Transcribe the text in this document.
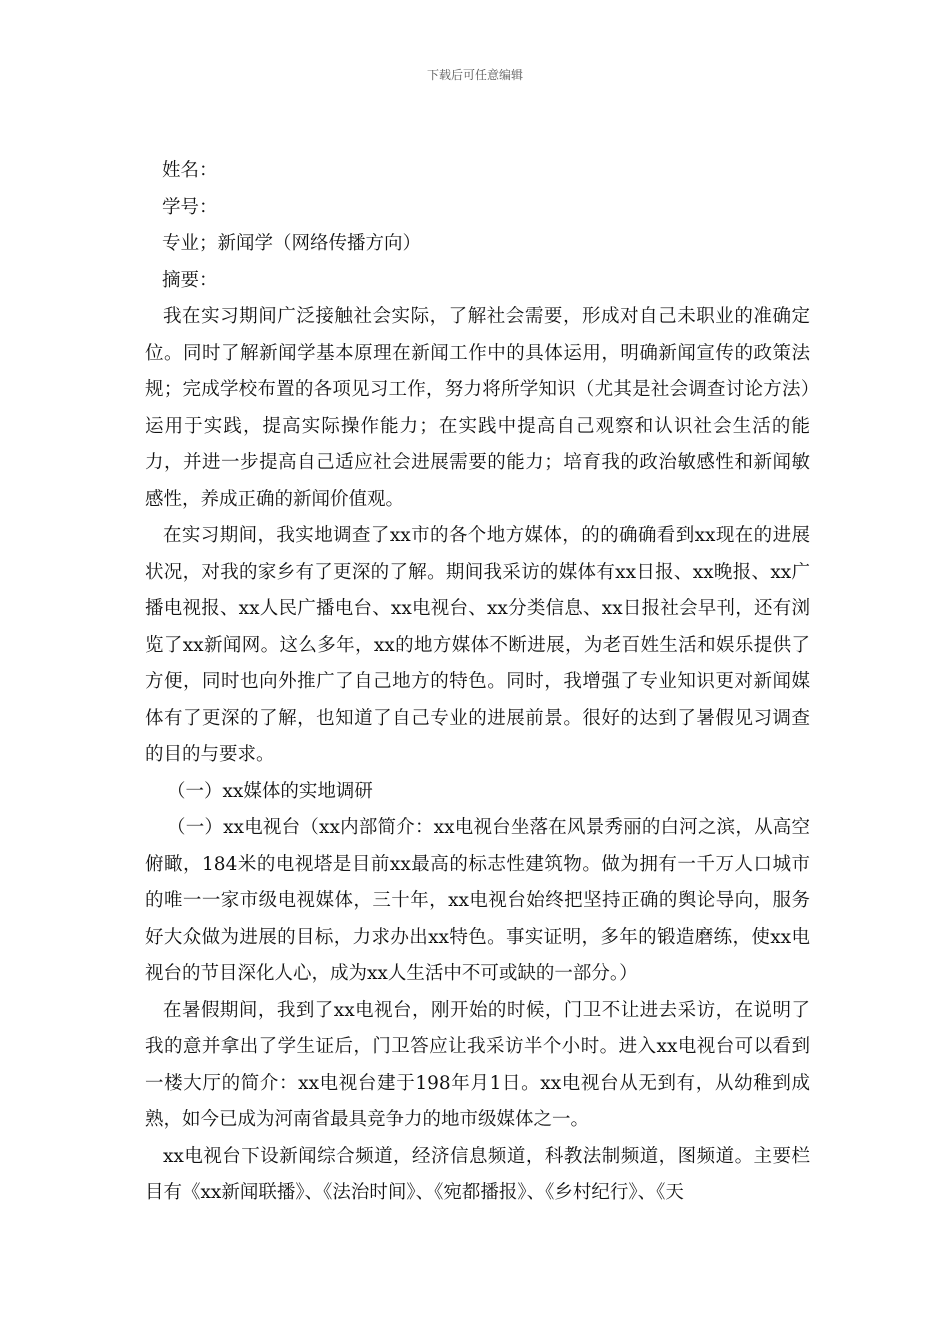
下载后可任意编辑

姓名：

学号：

专业；新闻学（网络传播方向）

摘要：

我在实习期间广泛接触社会实际，了解社会需要，形成对自己未职业的准确定位。同时了解新闻学基本原理在新闻工作中的具体运用，明确新闻宣传的政策法规；完成学校布置的各项见习工作，努力将所学知识（尤其是社会调查讨论方法）运用于实践，提高实际操作能力；在实践中提高自己观察和认识社会生活的能力，并进一步提高自己适应社会进展需要的能力；培育我的政治敏感性和新闻敏感性，养成正确的新闻价值观。

在实习期间，我实地调查了xx市的各个地方媒体，的的确确看到xx现在的进展状况，对我的家乡有了更深的了解。期间我采访的媒体有xx日报、xx晚报、xx广播电视报、xx人民广播电台、xx电视台、xx分类信息、xx日报社会早刊，还有浏览了xx新闻网。这么多年，xx的地方媒体不断进展，为老百姓生活和娱乐提供了方便，同时也向外推广了自己地方的特色。同时，我增强了专业知识更对新闻媒体有了更深的了解，也知道了自己专业的进展前景。很好的达到了暑假见习调查的目的与要求。

（一）xx媒体的实地调研

（一）xx电视台（xx内部简介：xx电视台坐落在风景秀丽的白河之滨，从高空俯瞰，184米的电视塔是目前xx最高的标志性建筑物。做为拥有一千万人口城市的唯一一家市级电视媒体，三十年，xx电视台始终把坚持正确的舆论导向，服务好大众做为进展的目标，力求办出xx特色。事实证明，多年的锻造磨练，使xx电视台的节目深化人心，成为xx人生活中不可或缺的一部分。）

在暑假期间，我到了xx电视台，刚开始的时候，门卫不让进去采访，在说明了我的意并拿出了学生证后，门卫答应让我采访半个小时。进入xx电视台可以看到一楼大厅的简介：xx电视台建于198年月1日。xx电视台从无到有，从幼稚到成熟，如今已成为河南省最具竞争力的地市级媒体之一。

xx电视台下设新闻综合频道，经济信息频道，科教法制频道，图频道。主要栏目有《xx新闻联播》、《法治时间》、《宛都播报》、《乡村纪行》、《天
